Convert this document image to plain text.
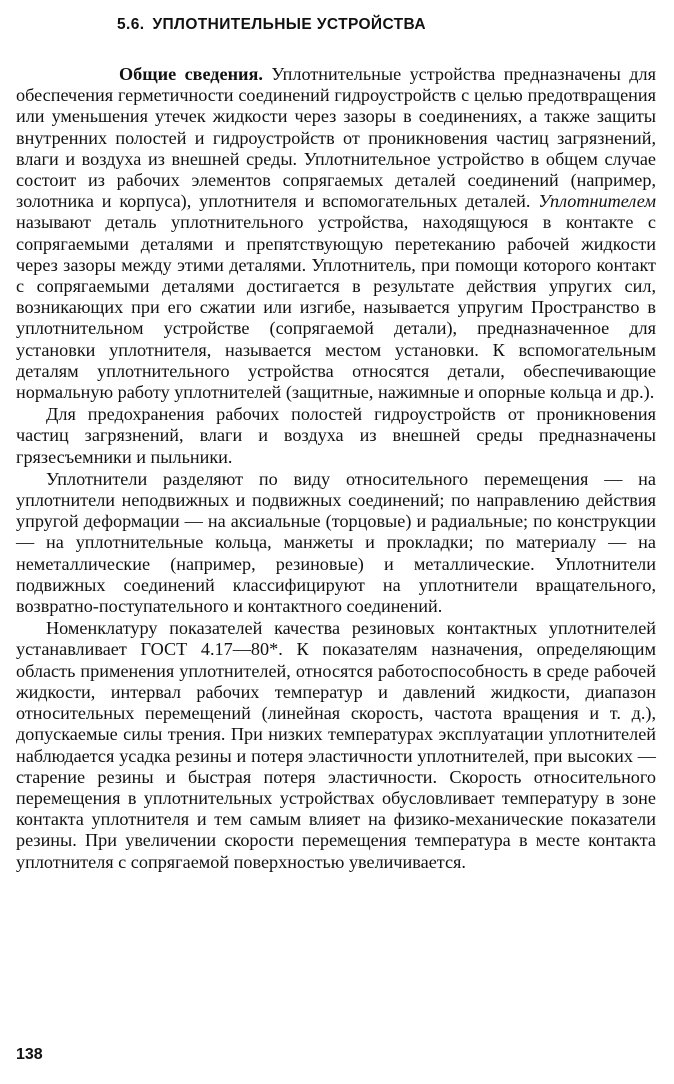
5.6. УПЛОТНИТЕЛЬНЫЕ УСТРОЙСТВА

Общие сведения. Уплотнительные устройства предназначены для обеспечения герметичности соединений гидроустройств с целью предотвращения или уменьшения утечек жидкости через зазоры в соединениях, а также защиты внутренних полостей и гидроустройств от проникновения частиц загрязнений, влаги и воздуха из внешней среды. Уплотнительное устройство в общем случае состоит из рабочих элементов сопрягаемых деталей соединений (например, золотника и корпуса), уплотнителя и вспомогательных деталей. Уплотнителем называют деталь уплотнительного устройства, находящуюся в контакте с сопрягаемыми деталями и препятствующую перетеканию рабочей жидкости через зазоры между этими деталями. Уплотнитель, при помощи которого контакт с сопрягаемыми деталями достигается в результате действия упругих сил, возникающих при его сжатии или изгибе, называется упругим Пространство в уплотнительном устройстве (сопрягаемой детали), предназначенное для установки уплотнителя, называется местом установки. К вспомогательным деталям уплотнительного устройства относятся детали, обеспечивающие нормальную работу уплотнителей (защитные, нажимные и опорные кольца и др.).

Для предохранения рабочих полостей гидроустройств от проникновения частиц загрязнений, влаги и воздуха из внешней среды предназначены грязесъемники и пыльники.

Уплотнители разделяют по виду относительного перемещения — на уплотнители неподвижных и подвижных соединений; по направлению действия упругой деформации — на аксиальные (торцовые) и радиальные; по конструкции — на уплотнительные кольца, манжеты и прокладки; по материалу — на неметаллические (например, резиновые) и металлические. Уплотнители подвижных соединений классифицируют на уплотнители вращательного, возвратно-поступательного и контактного соединений.

Номенклатуру показателей качества резиновых контактных уплотнителей устанавливает ГОСТ 4.17—80*. К показателям назначения, определяющим область применения уплотнителей, относятся работоспособность в среде рабочей жидкости, интервал рабочих температур и давлений жидкости, диапазон относительных перемещений (линейная скорость, частота вращения и т. д.), допускаемые силы трения. При низких температурах эксплуатации уплотнителей наблюдается усадка резины и потеря эластичности уплотнителей, при высоких — старение резины и быстрая потеря эластичности. Скорость относительного перемещения в уплотнительных устройствах обусловливает температуру в зоне контакта уплотнителя и тем самым влияет на физико-механические показатели резины. При увеличении скорости перемещения температура в месте контакта уплотнителя с сопрягаемой поверхностью увеличивается.

138
